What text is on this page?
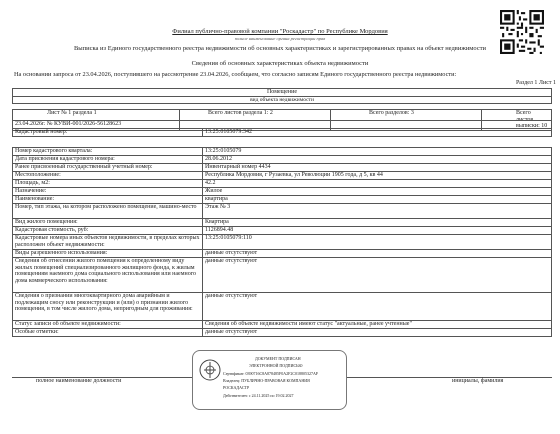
Филиал публично-правовой компании "Роскадастр" по Республике Мордовия
полное наименование органа регистрации прав
Выписка из Единого государственного реестра недвижимости об основных характеристиках и зарегистрированных правах на объект недвижимости
Сведения об основных характеристиках объекта недвижимости
На основании запроса от 23.04.2026, поступившего на рассмотрение 23.04.2026, сообщаем, что согласно записям Единого государственного реестра недвижимости:
Раздел 1 Лист 1
Помещение
вид объекта недвижимости
Лист № 1 раздела 1	Всего листов раздела 1: 2	Всего разделов: 3	Всего листов выписки: 10
23.04.2026г. № КУВИ-001/2026-56128623
Кадастровый номер:	13:25:0105079:342
Номер кадастрового квартала:	13:25:0105079
Дата присвоения кадастрового номера:	28.06.2012
Ранее присвоенный государственный учетный номер:	Инвентарный номер 4434
Местоположение:	Республика Мордовия, г Рузаевка, ул Революции 1905 года, д 5, кв 44
Площадь, м2:	42.2
Назначение:	Жилое
Наименование:	квартира
Номер, тип этажа, на котором расположено помещение, машино-место	Этаж № 3
Вид жилого помещения:	Квартира
Кадастровая стоимость, руб:	1126894.48
Кадастровые номера иных объектов недвижимости, в пределах которых расположен объект недвижимости:	13:25:0105079:110
Виды разрешенного использования:	данные отсутствуют
Сведения об отнесении жилого помещения к определенному виду жилых помещений специализированного жилищного фонда, к жилым помещениям наемного дома социального использования или наемного дома коммерческого использования:	данные отсутствуют
Сведения о признании многоквартирного дома аварийным и подлежащим сносу или реконструкции и (или) о признании жилого помещения, в том числе жилого дома, непригодным для проживания:	данные отсутствуют
Статус записи об объекте недвижимости:	Сведения об объекте недвижимости имеют статус "актуальные, ранее учтенные"
Особые отметки:	данные отсутствуют
полное наименование должности	инициалы, фамилия
ДОКУМЕНТ ПОДПИСАН
ЭЛЕКТРОННОЙ ПОДПИСЬЮ
Сертификат: 0390716C8A878485F0A2F2C018805327AF
Владелец: ПУБЛИЧНО-ПРАВОВАЯ КОМПАНИЯ
РОСКАДАСТР
Действителен: с 24.11.2025 по 19.02.2027
